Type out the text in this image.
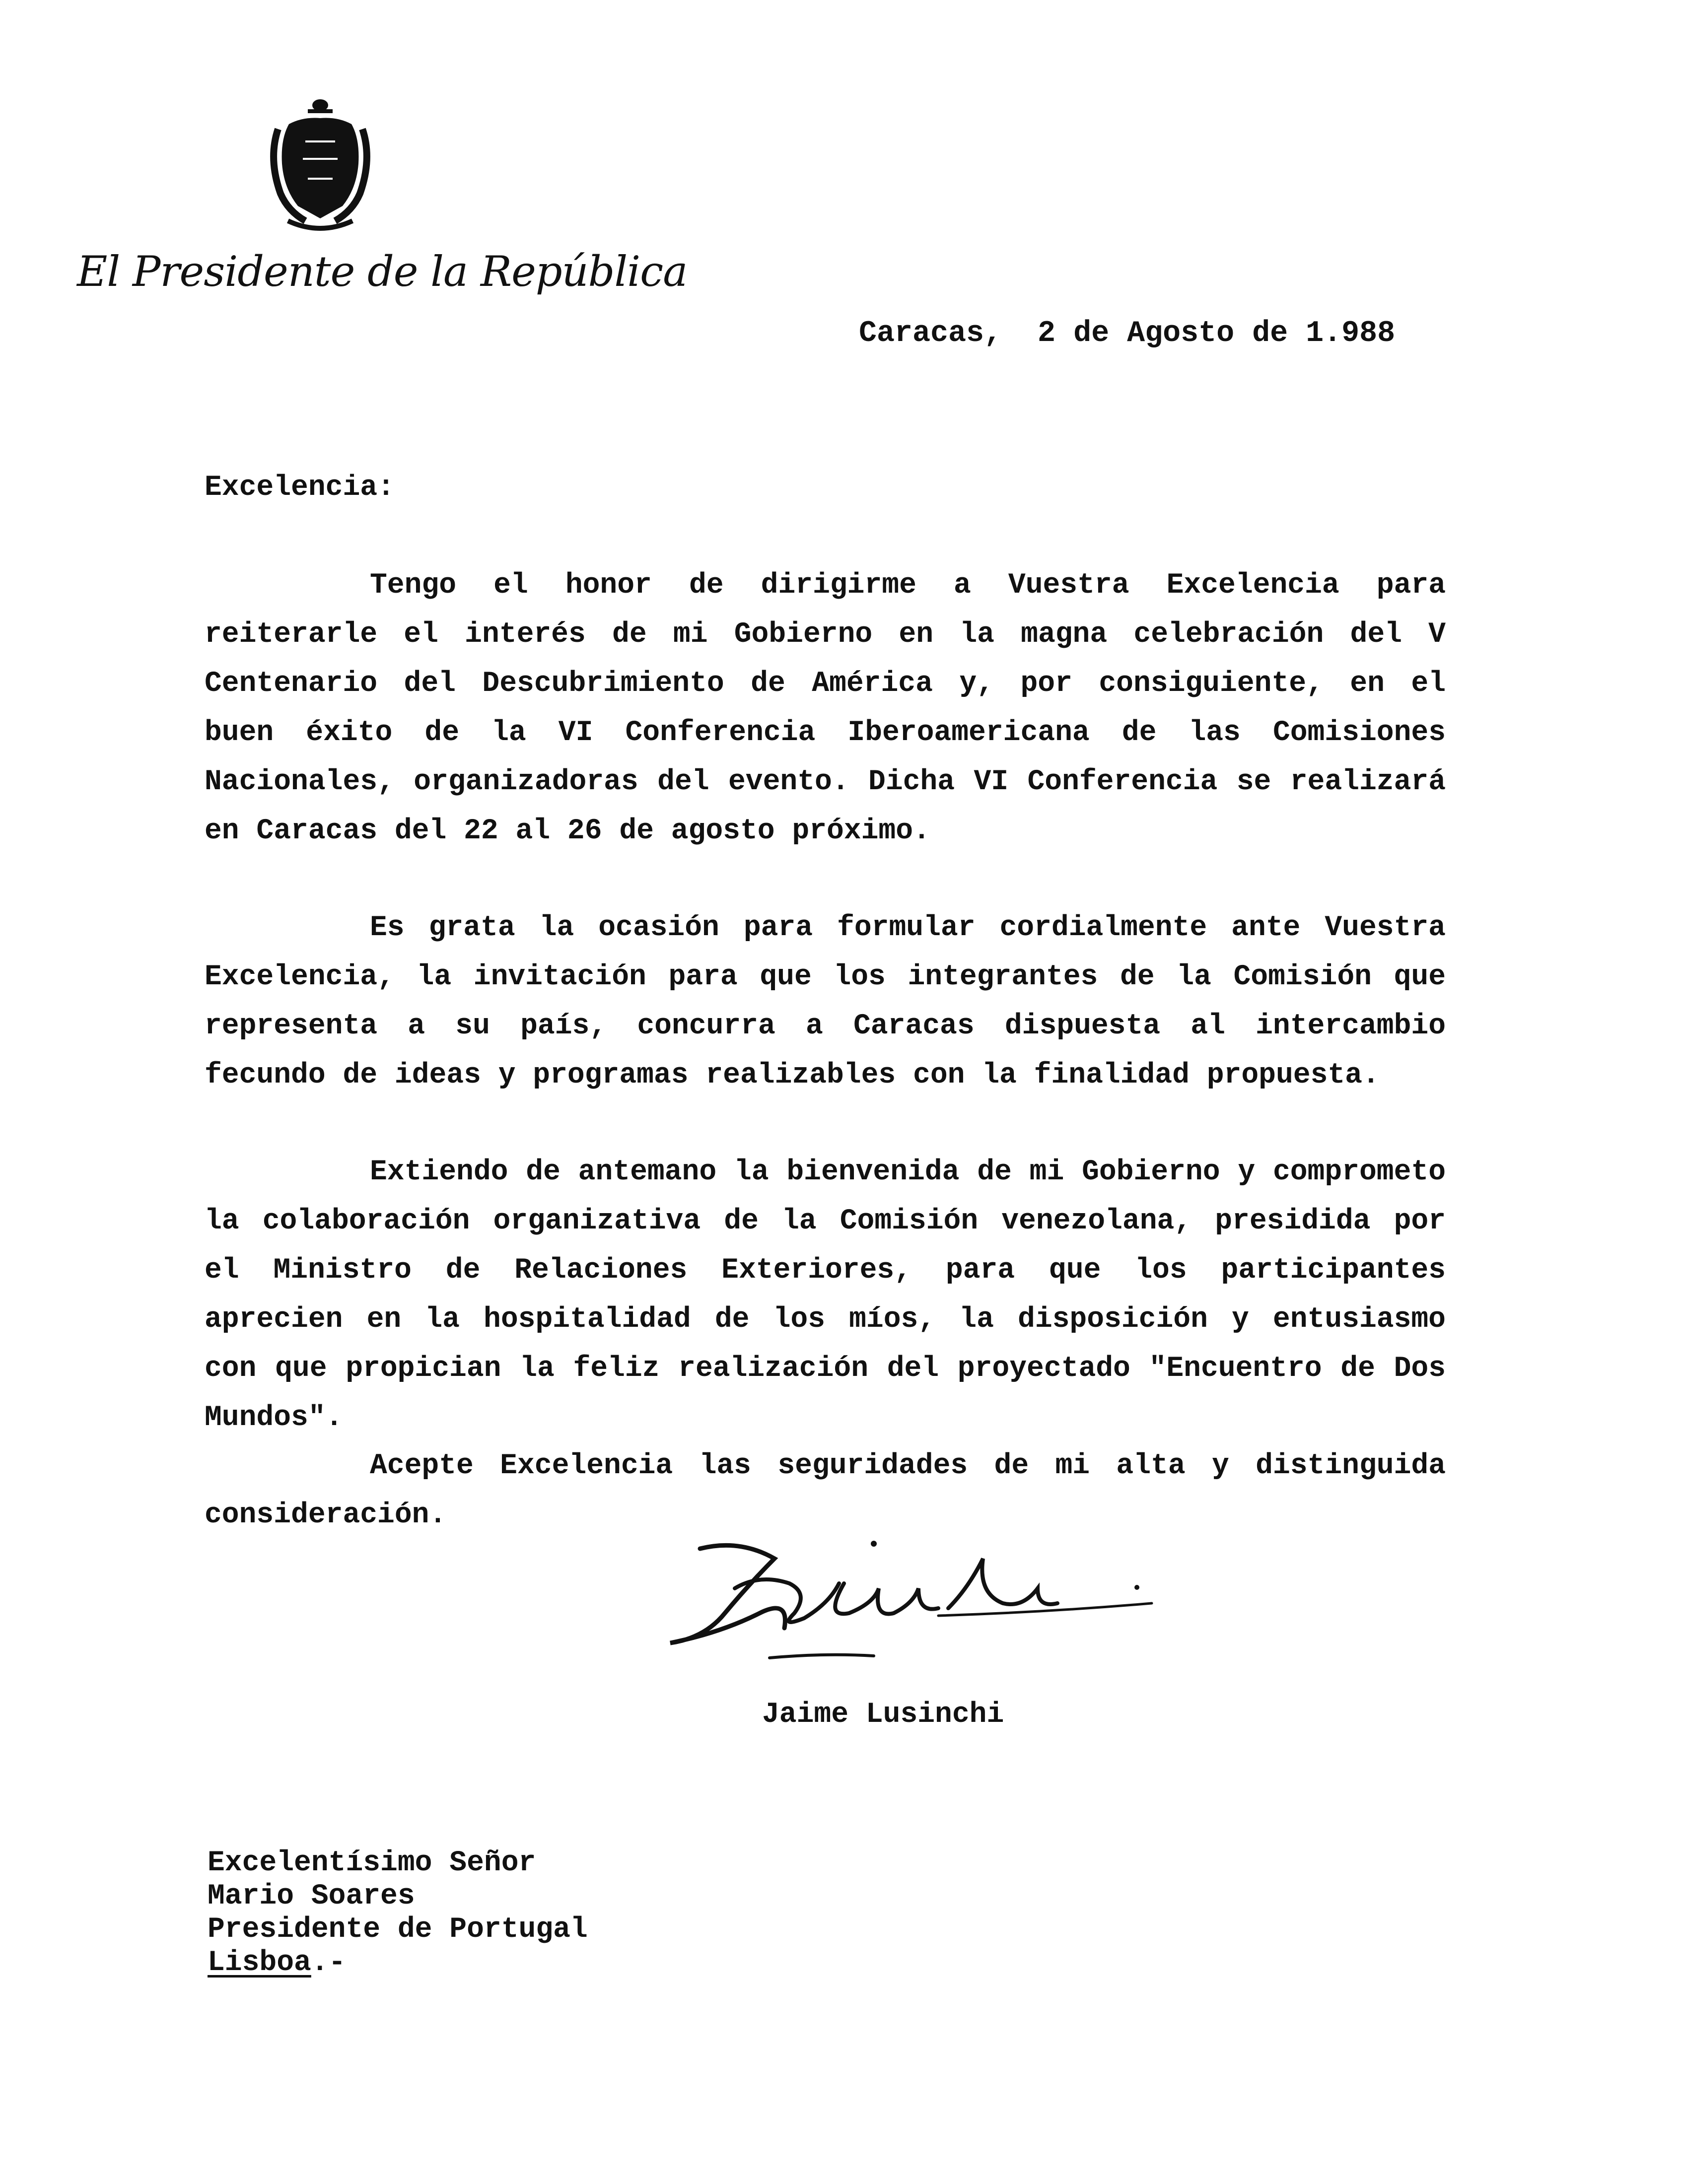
El Presidente de la República
Caracas,  2 de Agosto de 1.988
Excelencia:

Tengo el honor de dirigirme a Vuestra Excelencia para reiterarle el interés de mi Gobierno en la magna celebración del V Centenario del Descubrimiento de América y, por consiguiente, en el buen éxito de la VI Conferencia Iberoamericana de las Comisiones Nacionales, organizadoras del evento. Dicha VI Conferencia se realizará en Caracas del 22 al 26 de agosto próximo.

Es grata la ocasión para formular cordialmente ante Vuestra Excelencia, la invitación para que los integrantes de la Comisión que representa a su país, concurra a Caracas dispuesta al intercambio fecundo de ideas y programas realizables con la finalidad propuesta.

Extiendo de antemano la bienvenida de mi Gobierno y comprometo la colaboración organizativa de la Comisión venezolana, presidida por el Ministro de Relaciones Exteriores, para que los participantes aprecien en la hospitalidad de los míos, la disposición y entusiasmo con que propician la feliz realización del proyectado "Encuentro de Dos Mundos".

Acepte Excelencia las seguridades de mi alta y distinguida consideración.

Jaime Lusinchi
Excelentísimo Señor
Mario Soares
Presidente de Portugal
Lisboa.-
